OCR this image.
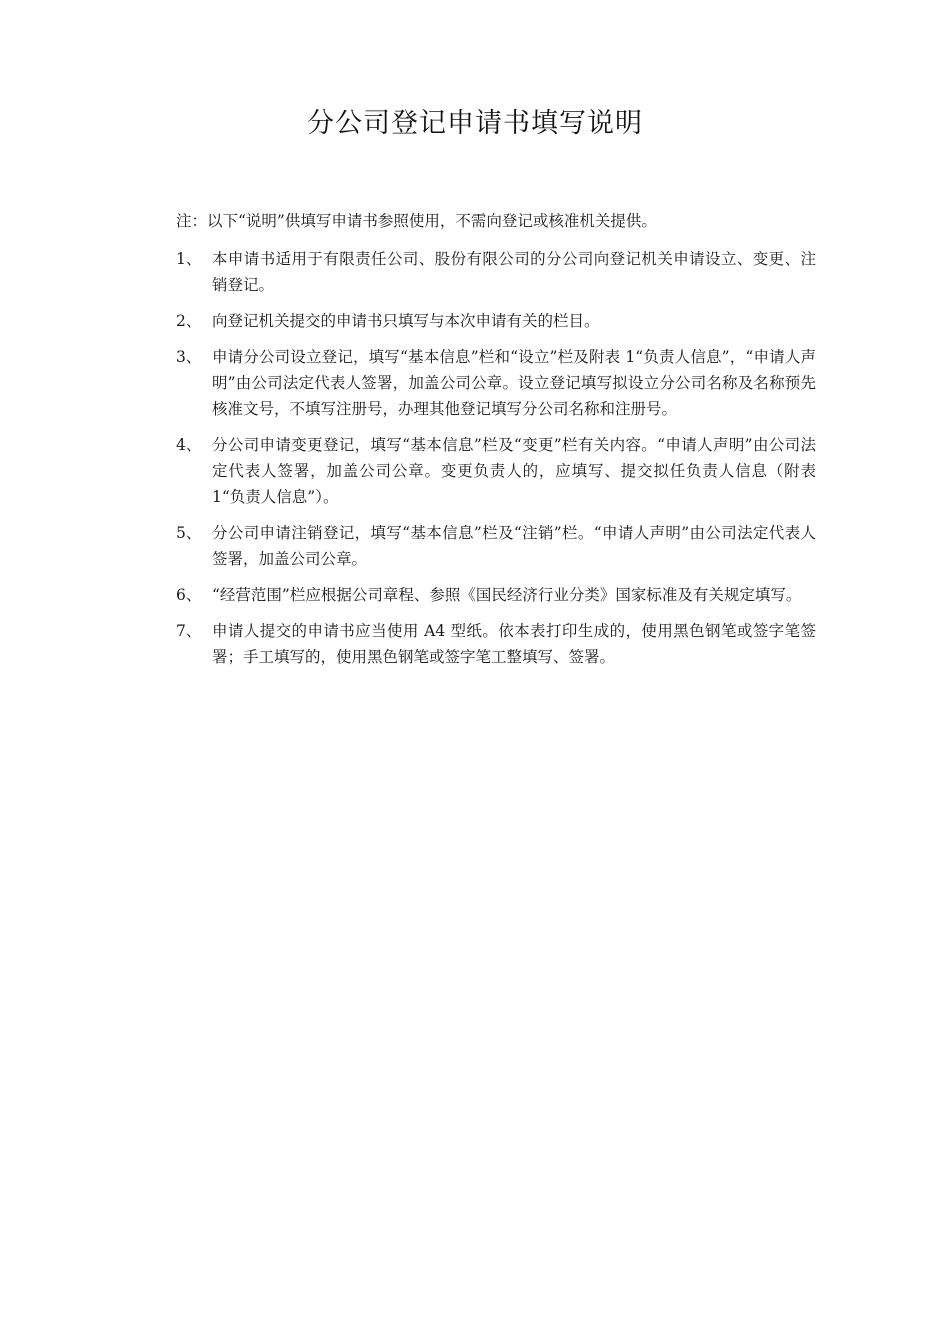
分公司登记申请书填写说明
注：以下“说明”供填写申请书参照使用，不需向登记或核准机关提供。
1、 本申请书适用于有限责任公司、股份有限公司的分公司向登记机关申请设立、变更、注销登记。
2、 向登记机关提交的申请书只填写与本次申请有关的栏目。
3、 申请分公司设立登记，填写“基本信息”栏和“设立”栏及附表 1“负责人信息”，“申请人声明”由公司法定代表人签署，加盖公司公章。设立登记填写拟设立分公司名称及名称预先核准文号，不填写注册号，办理其他登记填写分公司名称和注册号。
4、 分公司申请变更登记，填写“基本信息”栏及“变更”栏有关内容。“申请人声明”由公司法定代表人签署，加盖公司公章。变更负责人的，应填写、提交拟任负责人信息（附表 1“负责人信息”）。
5、 分公司申请注销登记，填写“基本信息”栏及“注销”栏。“申请人声明”由公司法定代表人签署，加盖公司公章。
6、 “经营范围”栏应根据公司章程、参照《国民经济行业分类》国家标准及有关规定填写。
7、 申请人提交的申请书应当使用 A4 型纸。依本表打印生成的，使用黑色钢笔或签字笔签署；手工填写的，使用黑色钢笔或签字笔工整填写、签署。
